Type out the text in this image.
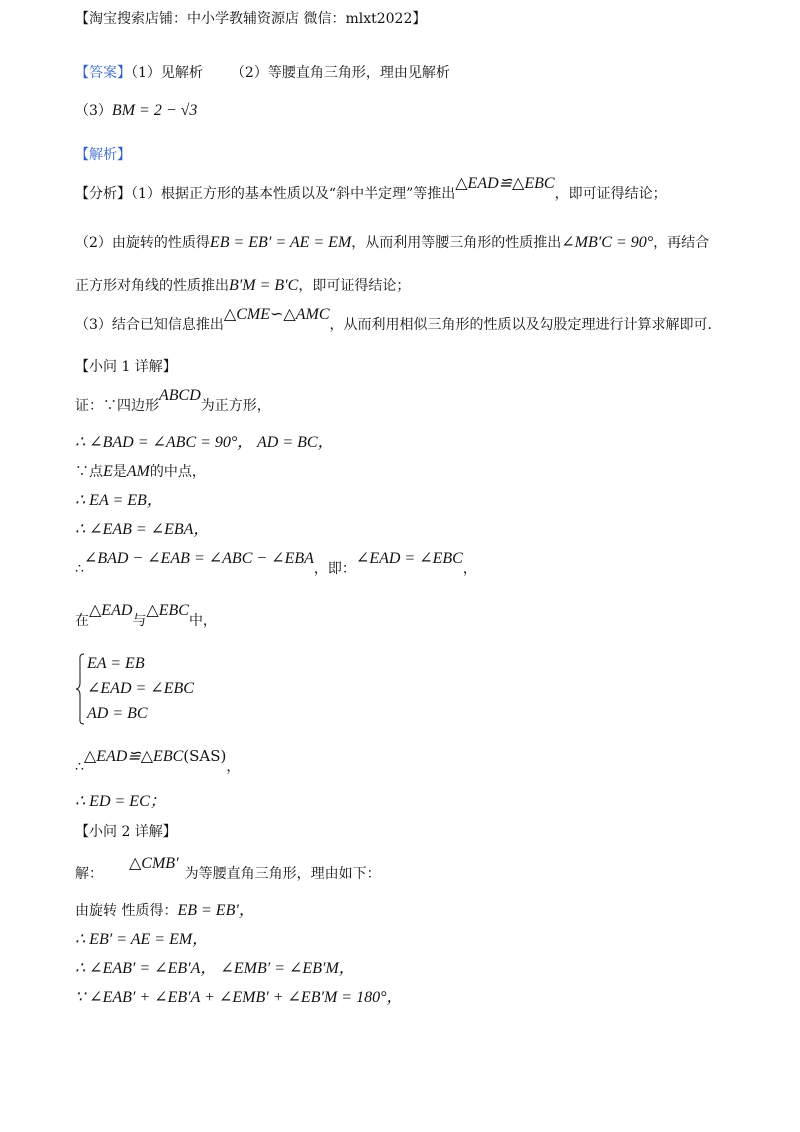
【淘宝搜索店铺：中小学教辅资源店 微信：mlxt2022】
【答案】（1）见解析 （2）等腰直角三角形，理由见解析
（3）BM = 2 − √3
【解析】
【分析】（1）根据正方形的基本性质以及“斜中半定理”等推出△EAD≌△EBC，即可证得结论；
（2）由旋转的性质得EB = EB′ = AE = EM，从而利用等腰三角形的性质推出∠MB′C = 90°，再结合
正方形对角线的性质推出B′M = B′C，即可证得结论；
（3）结合已知信息推出△CME∽△AMC，从而利用相似三角形的性质以及勾股定理进行计算求解即可.
【小问 1 详解】
证：∵四边形ABCD为正方形，
∴ ∠BAD = ∠ABC = 90°， AD = BC，
∵点E是AM的中点，
∴ EA = EB，
∴ ∠EAB = ∠EBA，
∴∠BAD − ∠EAB = ∠ABC − ∠EBA，即：∠EAD = ∠EBC，
在△EAD与△EBC中，
EA = EB
∠EAD = ∠EBC
AD = BC
∴△EAD≌△EBC(SAS)，
∴ ED = EC；
【小问 2 详解】
解：△CMB′为等腰直角三角形，理由如下：
由旋转 性质得：EB = EB′，
∴ EB′ = AE = EM，
∴ ∠EAB′ = ∠EB′A， ∠EMB′ = ∠EB′M，
∵ ∠EAB′ + ∠EB′A + ∠EMB′ + ∠EB′M = 180°，
